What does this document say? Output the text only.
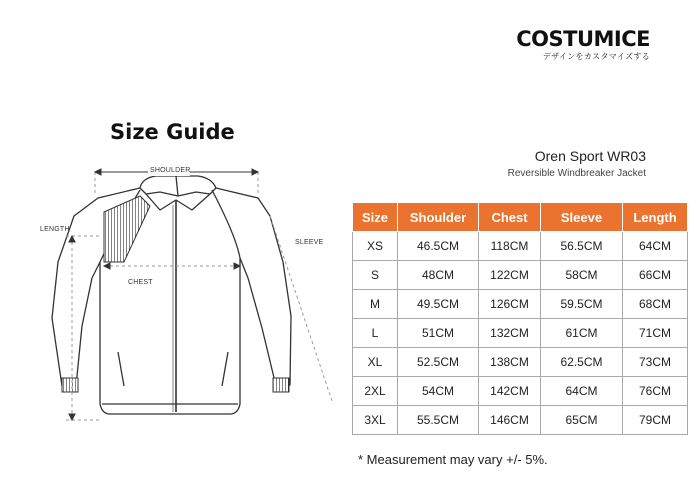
COSTUMICE
デザインをカスタマイズする
Size Guide
Oren Sport WR03
Reversible Windbreaker Jacket
SHOULDER
LENGTH
SLEEVE
CHEST
Size	Shoulder	Chest	Sleeve	Length
XS	46.5CM	118CM	56.5CM	64CM
S	48CM	122CM	58CM	66CM
M	49.5CM	126CM	59.5CM	68CM
L	51CM	132CM	61CM	71CM
XL	52.5CM	138CM	62.5CM	73CM
2XL	54CM	142CM	64CM	76CM
3XL	55.5CM	146CM	65CM	79CM
* Measurement may vary +/- 5%.
